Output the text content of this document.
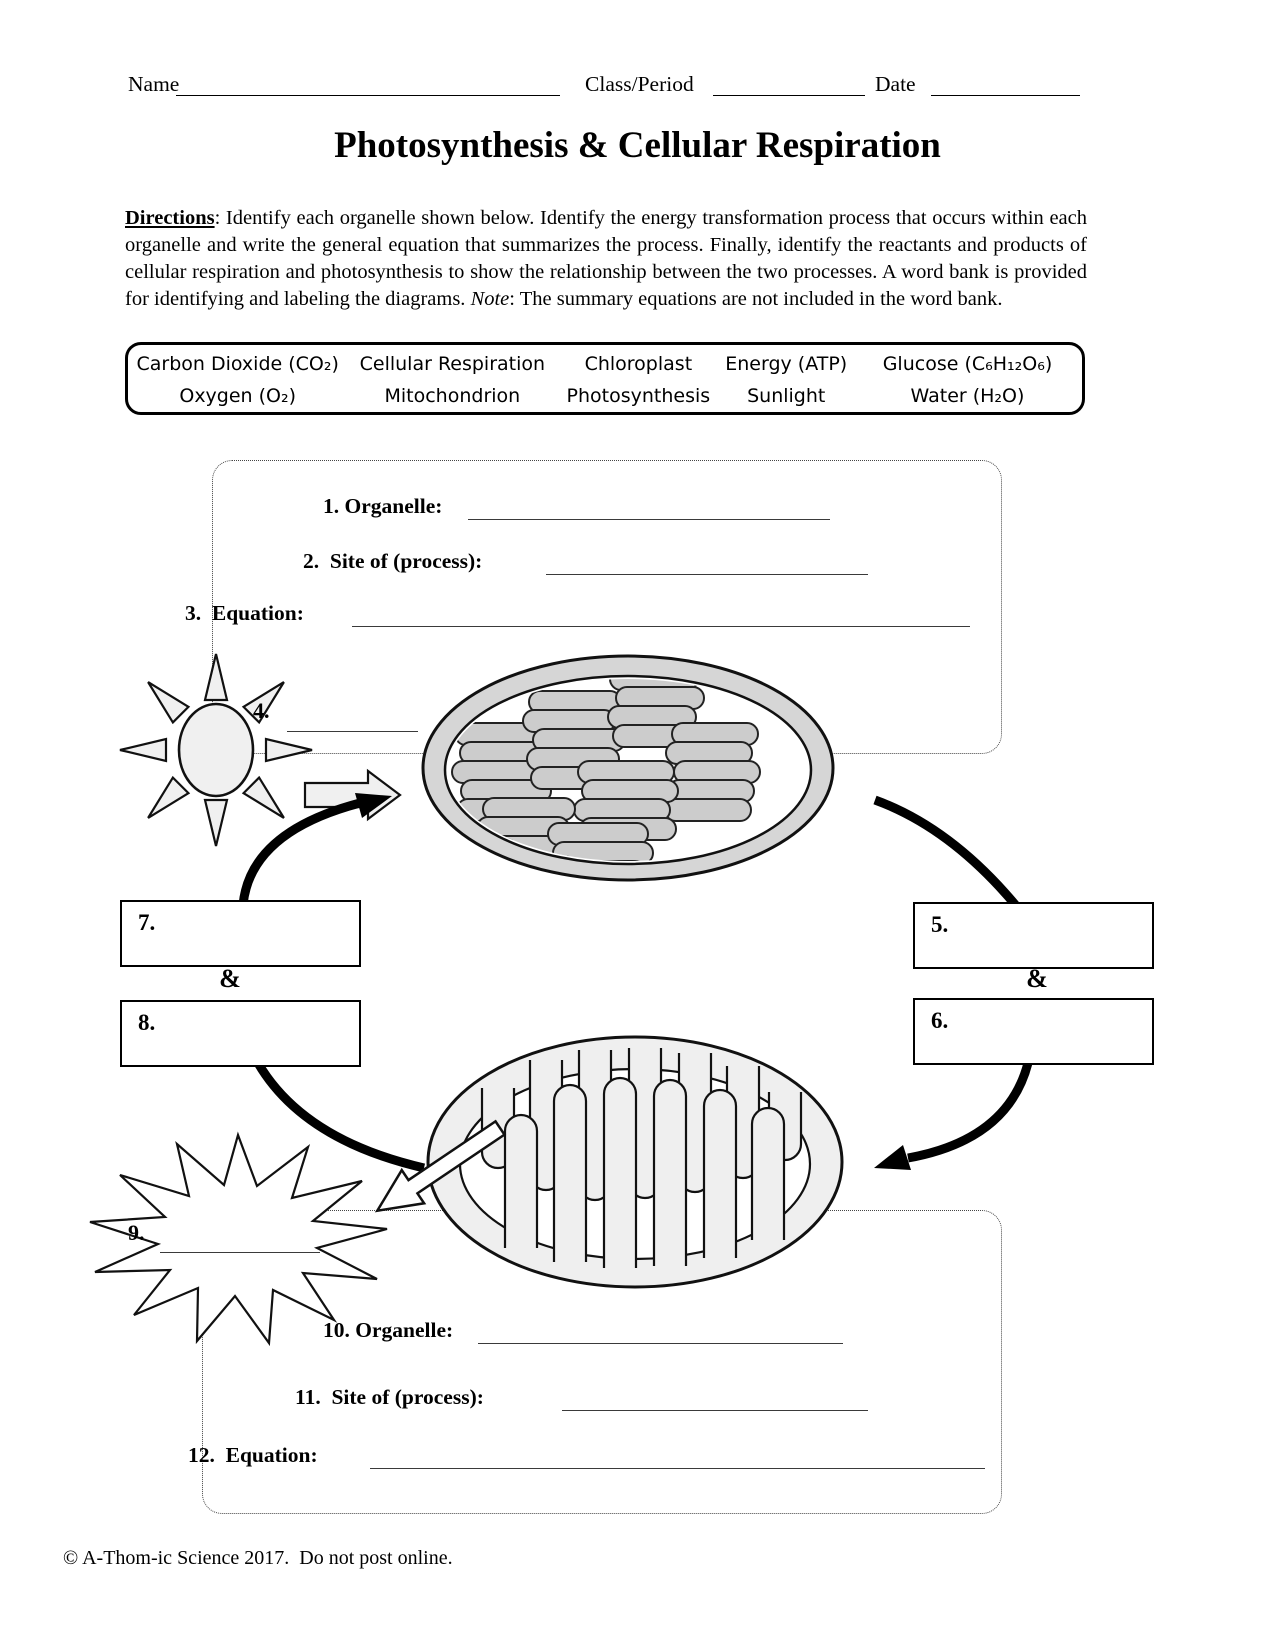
Name	Class/Period	Date
Photosynthesis & Cellular Respiration

Directions: Identify each organelle shown below. Identify the energy transformation process that occurs within each organelle and write the general equation that summarizes the process. Finally, identify the reactants and products of cellular respiration and photosynthesis to show the relationship between the two processes. A word bank is provided for identifying and labeling the diagrams. Note: The summary equations are not included in the word bank.

Carbon Dioxide (CO₂)	Cellular Respiration	Chloroplast	Energy (ATP)	Glucose (C₆H₁₂O₆)
Oxygen (O₂)	Mitochondrion	Photosynthesis	Sunlight	Water (H₂O)
1. Organelle:
2.  Site of (process):
3.  Equation:
4.
5.
&
6.
7.
&
8.
9.
10. Organelle:
11.  Site of (process):
12.  Equation:
© A-Thom-ic Science 2017.  Do not post online.
